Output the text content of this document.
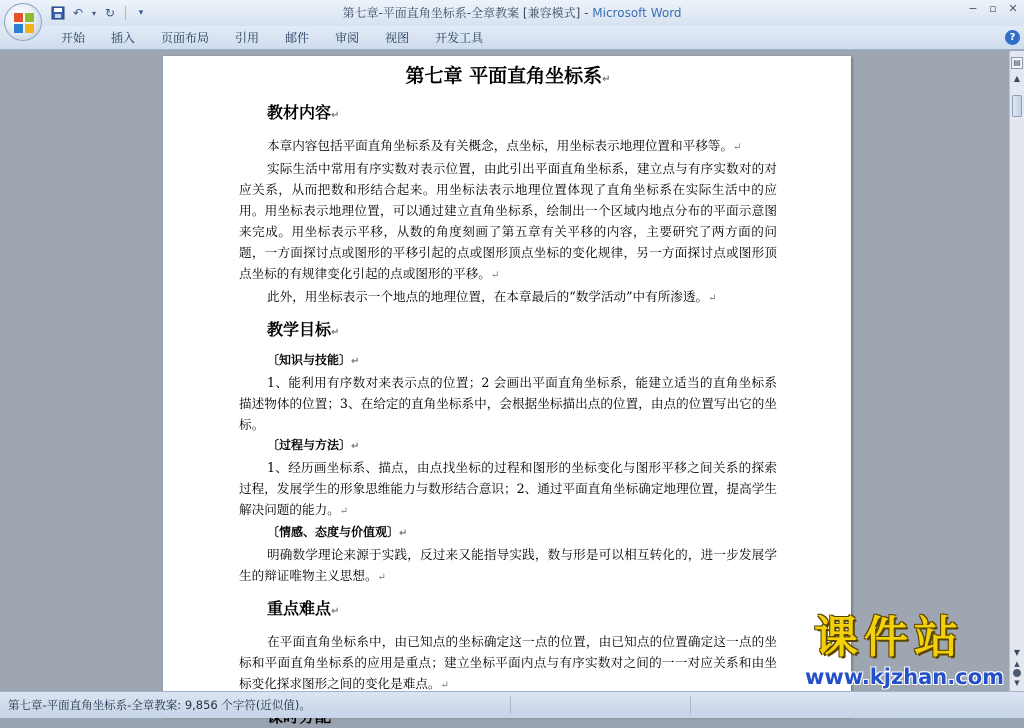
↶	▾ ↻	▾	第七章-平面直角坐标系-全章教案 [兼容模式] - Microsoft Word	− ▫ ✕
开始	插入	页面布局	引用	邮件	审阅	视图	开发工具	?
第七章 平面直角坐标系↵
教材内容↵
本章内容包括平面直角坐标系及有关概念，点坐标，用坐标表示地理位置和平移等。↵
实际生活中常用有序实数对表示位置，由此引出平面直角坐标系，建立点与有序实数对的对应关系，从而把数和形结合起来。用坐标法表示地理位置体现了直角坐标系在实际生活中的应用。用坐标表示地理位置，可以通过建立直角坐标系，绘制出一个区域内地点分布的平面示意图来完成。用坐标表示平移，从数的角度刻画了第五章有关平移的内容，主要研究了两方面的问题，一方面探讨点或图形的平移引起的点或图形顶点坐标的变化规律，另一方面探讨点或图形顶点坐标的有规律变化引起的点或图形的平移。↵
此外，用坐标表示一个地点的地理位置，在本章最后的“数学活动”中有所渗透。↵
教学目标↵
〔知识与技能〕↵
1、能利用有序数对来表示点的位置；2 会画出平面直角坐标系，能建立适当的直角坐标系描述物体的位置；3、在给定的直角坐标系中，会根据坐标描出点的位置，由点的位置写出它的坐标。
〔过程与方法〕↵
1、经历画坐标系、描点，由点找坐标的过程和图形的坐标变化与图形平移之间关系的探索过程，发展学生的形象思维能力与数形结合意识；2、通过平面直角坐标确定地理位置，提高学生解决问题的能力。↵
〔情感、态度与价值观〕↵
明确数学理论来源于实践，反过来又能指导实践，数与形是可以相互转化的，进一步发展学生的辩证唯物主义思想。↵
重点难点↵
在平面直角坐标糸中，由已知点的坐标确定这一点的位置，由已知点的位置确定这一点的坐标和平面直角坐标系的应用是重点；建立坐标平面内点与有序实数对之间的一一对应关系和由坐标变化探求图形之间的变化是难点。↵
▤
▲
▼
▲
▼
课件站
www.kjzhan.com
第七章-平面直角坐标系-全章教案: 9,856 个字符(近似值)。
